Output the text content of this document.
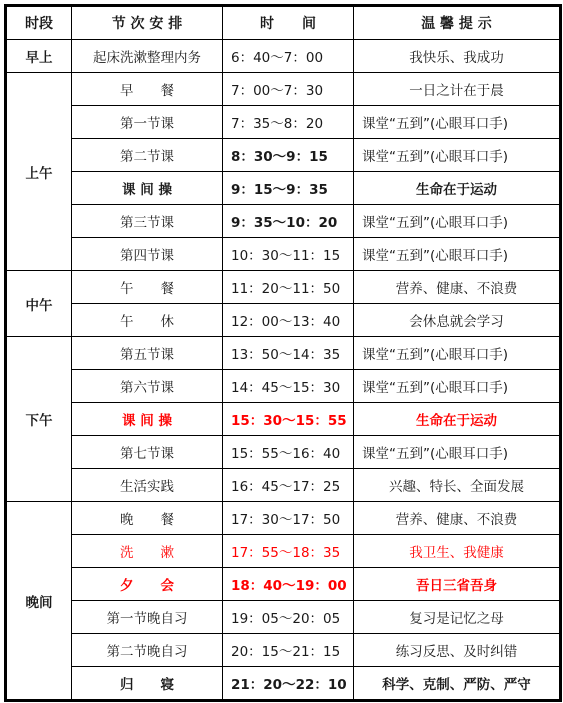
时段	节 次 安 排	时　　间	温 馨 提 示
早上	起床洗漱整理内务	6：40～7：00	我快乐、我成功
上午	早　　餐	7：00～7：30	一日之计在于晨
	第一节课	7：35～8：20	课堂“五到”(心眼耳口手)
	第二节课	8：30～9：15	课堂“五到”(心眼耳口手)
	课 间 操	9：15～9：35	生命在于运动
	第三节课	9：35～10：20	课堂“五到”(心眼耳口手)
	第四节课	10：30～11：15	课堂“五到”(心眼耳口手)
中午	午　　餐	11：20～11：50	营养、健康、不浪费
	午　　休	12：00～13：40	会休息就会学习
下午	第五节课	13：50～14：35	课堂“五到”(心眼耳口手)
	第六节课	14：45～15：30	课堂“五到”(心眼耳口手)
	课 间 操	15：30～15：55	生命在于运动
	第七节课	15：55～16：40	课堂“五到”(心眼耳口手)
	生活实践	16：45～17：25	兴趣、特长、全面发展
晚间	晚　　餐	17：30～17：50	营养、健康、不浪费
	洗　　漱	17：55～18：35	我卫生、我健康
	夕　　会	18：40～19：00	吾日三省吾身
	第一节晚自习	19：05～20：05	复习是记忆之母
	第二节晚自习	20：15～21：15	练习反思、及时纠错
	归　　寝	21：20～22：10	科学、克制、严防、严守
